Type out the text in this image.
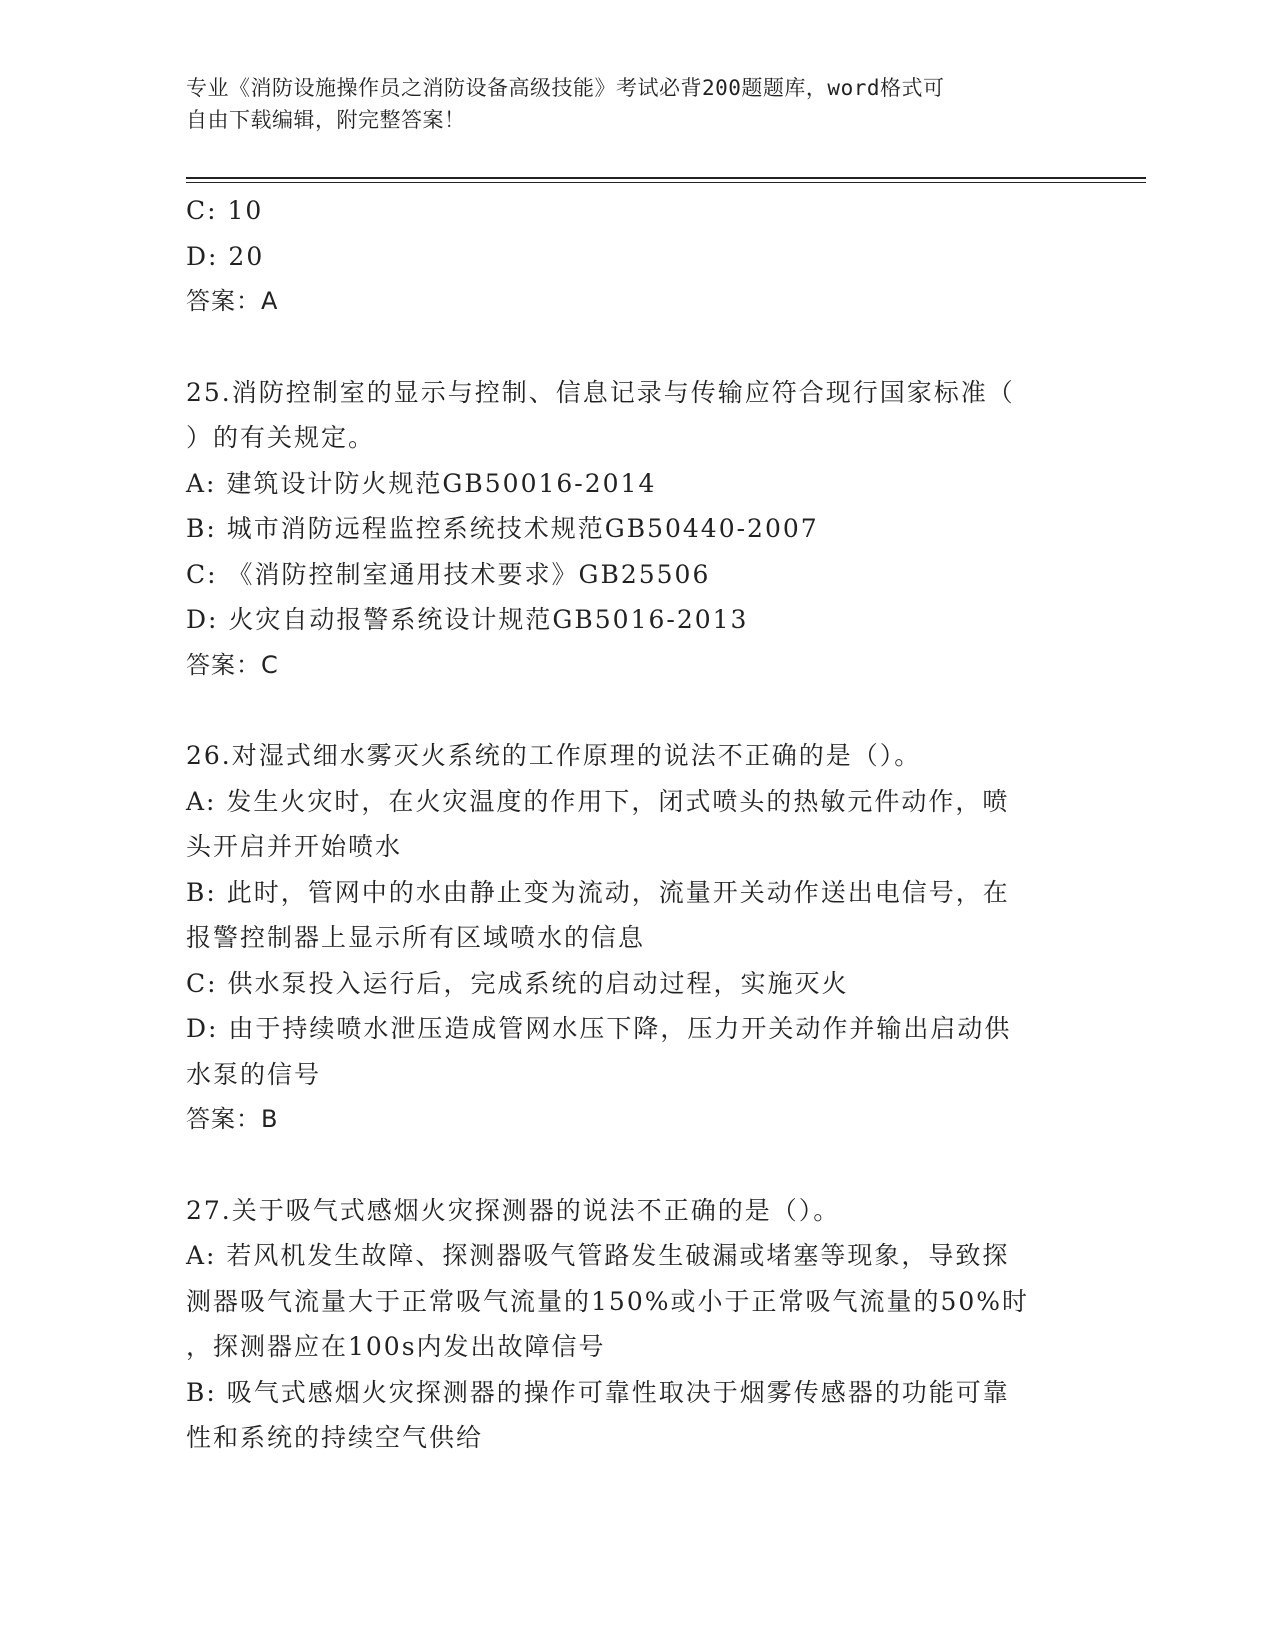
专业《消防设施操作员之消防设备高级技能》考试必背200题题库，word格式可
自由下载编辑，附完整答案！
C: 10
D: 20
答案：A
25.消防控制室的显示与控制、信息记录与传输应符合现行国家标准（
）的有关规定。
A: 建筑设计防火规范GB50016-2014
B: 城市消防远程监控系统技术规范GB50440-2007
C: 《消防控制室通用技术要求》GB25506
D: 火灾自动报警系统设计规范GB5016-2013
答案：C
26.对湿式细水雾灭火系统的工作原理的说法不正确的是（）。
A: 发生火灾时，在火灾温度的作用下，闭式喷头的热敏元件动作，喷
头开启并开始喷水
B: 此时，管网中的水由静止变为流动，流量开关动作送出电信号，在
报警控制器上显示所有区域喷水的信息
C: 供水泵投入运行后，完成系统的启动过程，实施灭火
D: 由于持续喷水泄压造成管网水压下降，压力开关动作并输出启动供
水泵的信号
答案：B
27.关于吸气式感烟火灾探测器的说法不正确的是（）。
A: 若风机发生故障、探测器吸气管路发生破漏或堵塞等现象，导致探
测器吸气流量大于正常吸气流量的150%或小于正常吸气流量的50%时
，探测器应在100s内发出故障信号
B: 吸气式感烟火灾探测器的操作可靠性取决于烟雾传感器的功能可靠
性和系统的持续空气供给
